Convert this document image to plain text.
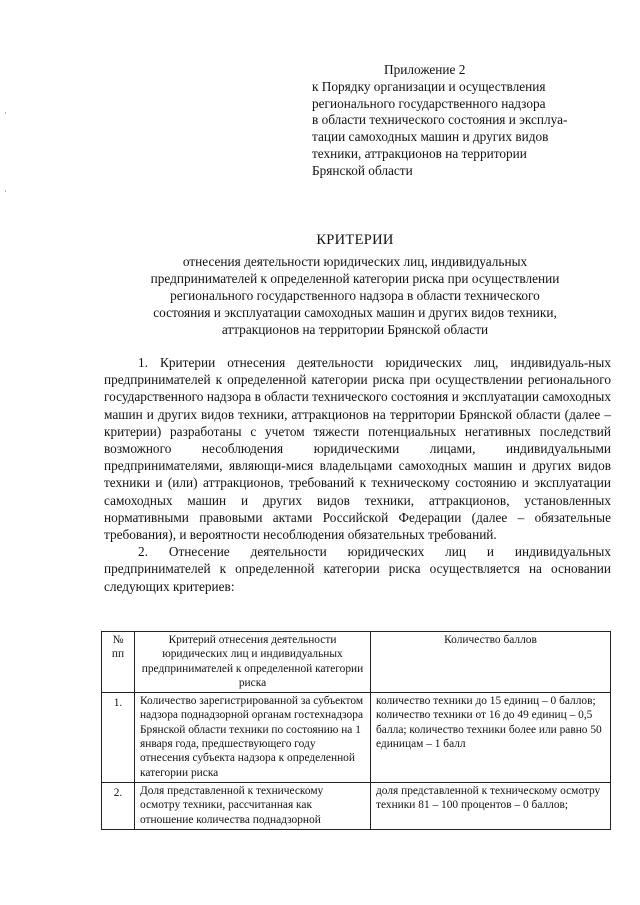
Приложение 2
к Порядку организации и осуществления
регионального государственного надзора
в области технического состояния и эксплуа-
тации самоходных машин и других видов
техники, аттракционов на территории
Брянской области
КРИТЕРИИ
отнесения деятельности юридических лиц, индивидуальных
предпринимателей к определенной категории риска при осуществлении
регионального государственного надзора в области технического
состояния и эксплуатации самоходных машин и других видов техники,
аттракционов на территории Брянской области

1. Критерии отнесения деятельности юридических лиц, индивидуаль-ных предпринимателей к определенной категории риска при осуществлении регионального государственного надзора в области технического состояния и эксплуатации самоходных машин и других видов техники, аттракционов на территории Брянской области (далее – критерии) разработаны с учетом тяжести потенциальных негативных последствий возможного несоблюдения юридическими лицами, индивидуальными предпринимателями, являющи-мися владельцами самоходных машин и других видов техники и (или) аттракционов, требований к техническому состоянию и эксплуатации самоходных машин и других видов техники, аттракционов, установленных нормативными правовыми актами Российской Федерации (далее – обязательные требования), и вероятности несоблюдения обязательных требований.

2. Отнесение деятельности юридических лиц и индивидуальных предпринимателей к определенной категории риска осуществляется на основании следующих критериев:

№ пп	Критерий отнесения деятельности юридических лиц и индивидуальных предпринимателей к определенной категории риска	Количество баллов
1.	Количество зарегистрированной за субъектом надзора поднадзорной органам гостехнадзора Брянской области техники по состоянию на 1 января года, предшествующего году отнесения субъекта надзора к определенной категории риска	количество техники до 15 единиц – 0 баллов; количество техники от 16 до 49 единиц – 0,5 балла; количество техники более или равно 50 единицам – 1 балл
2.	Доля представленной к техническому осмотру техники, рассчитанная как отношение количества поднадзорной	доля представленной к техническому осмотру техники 81 – 100 процентов – 0 баллов;
